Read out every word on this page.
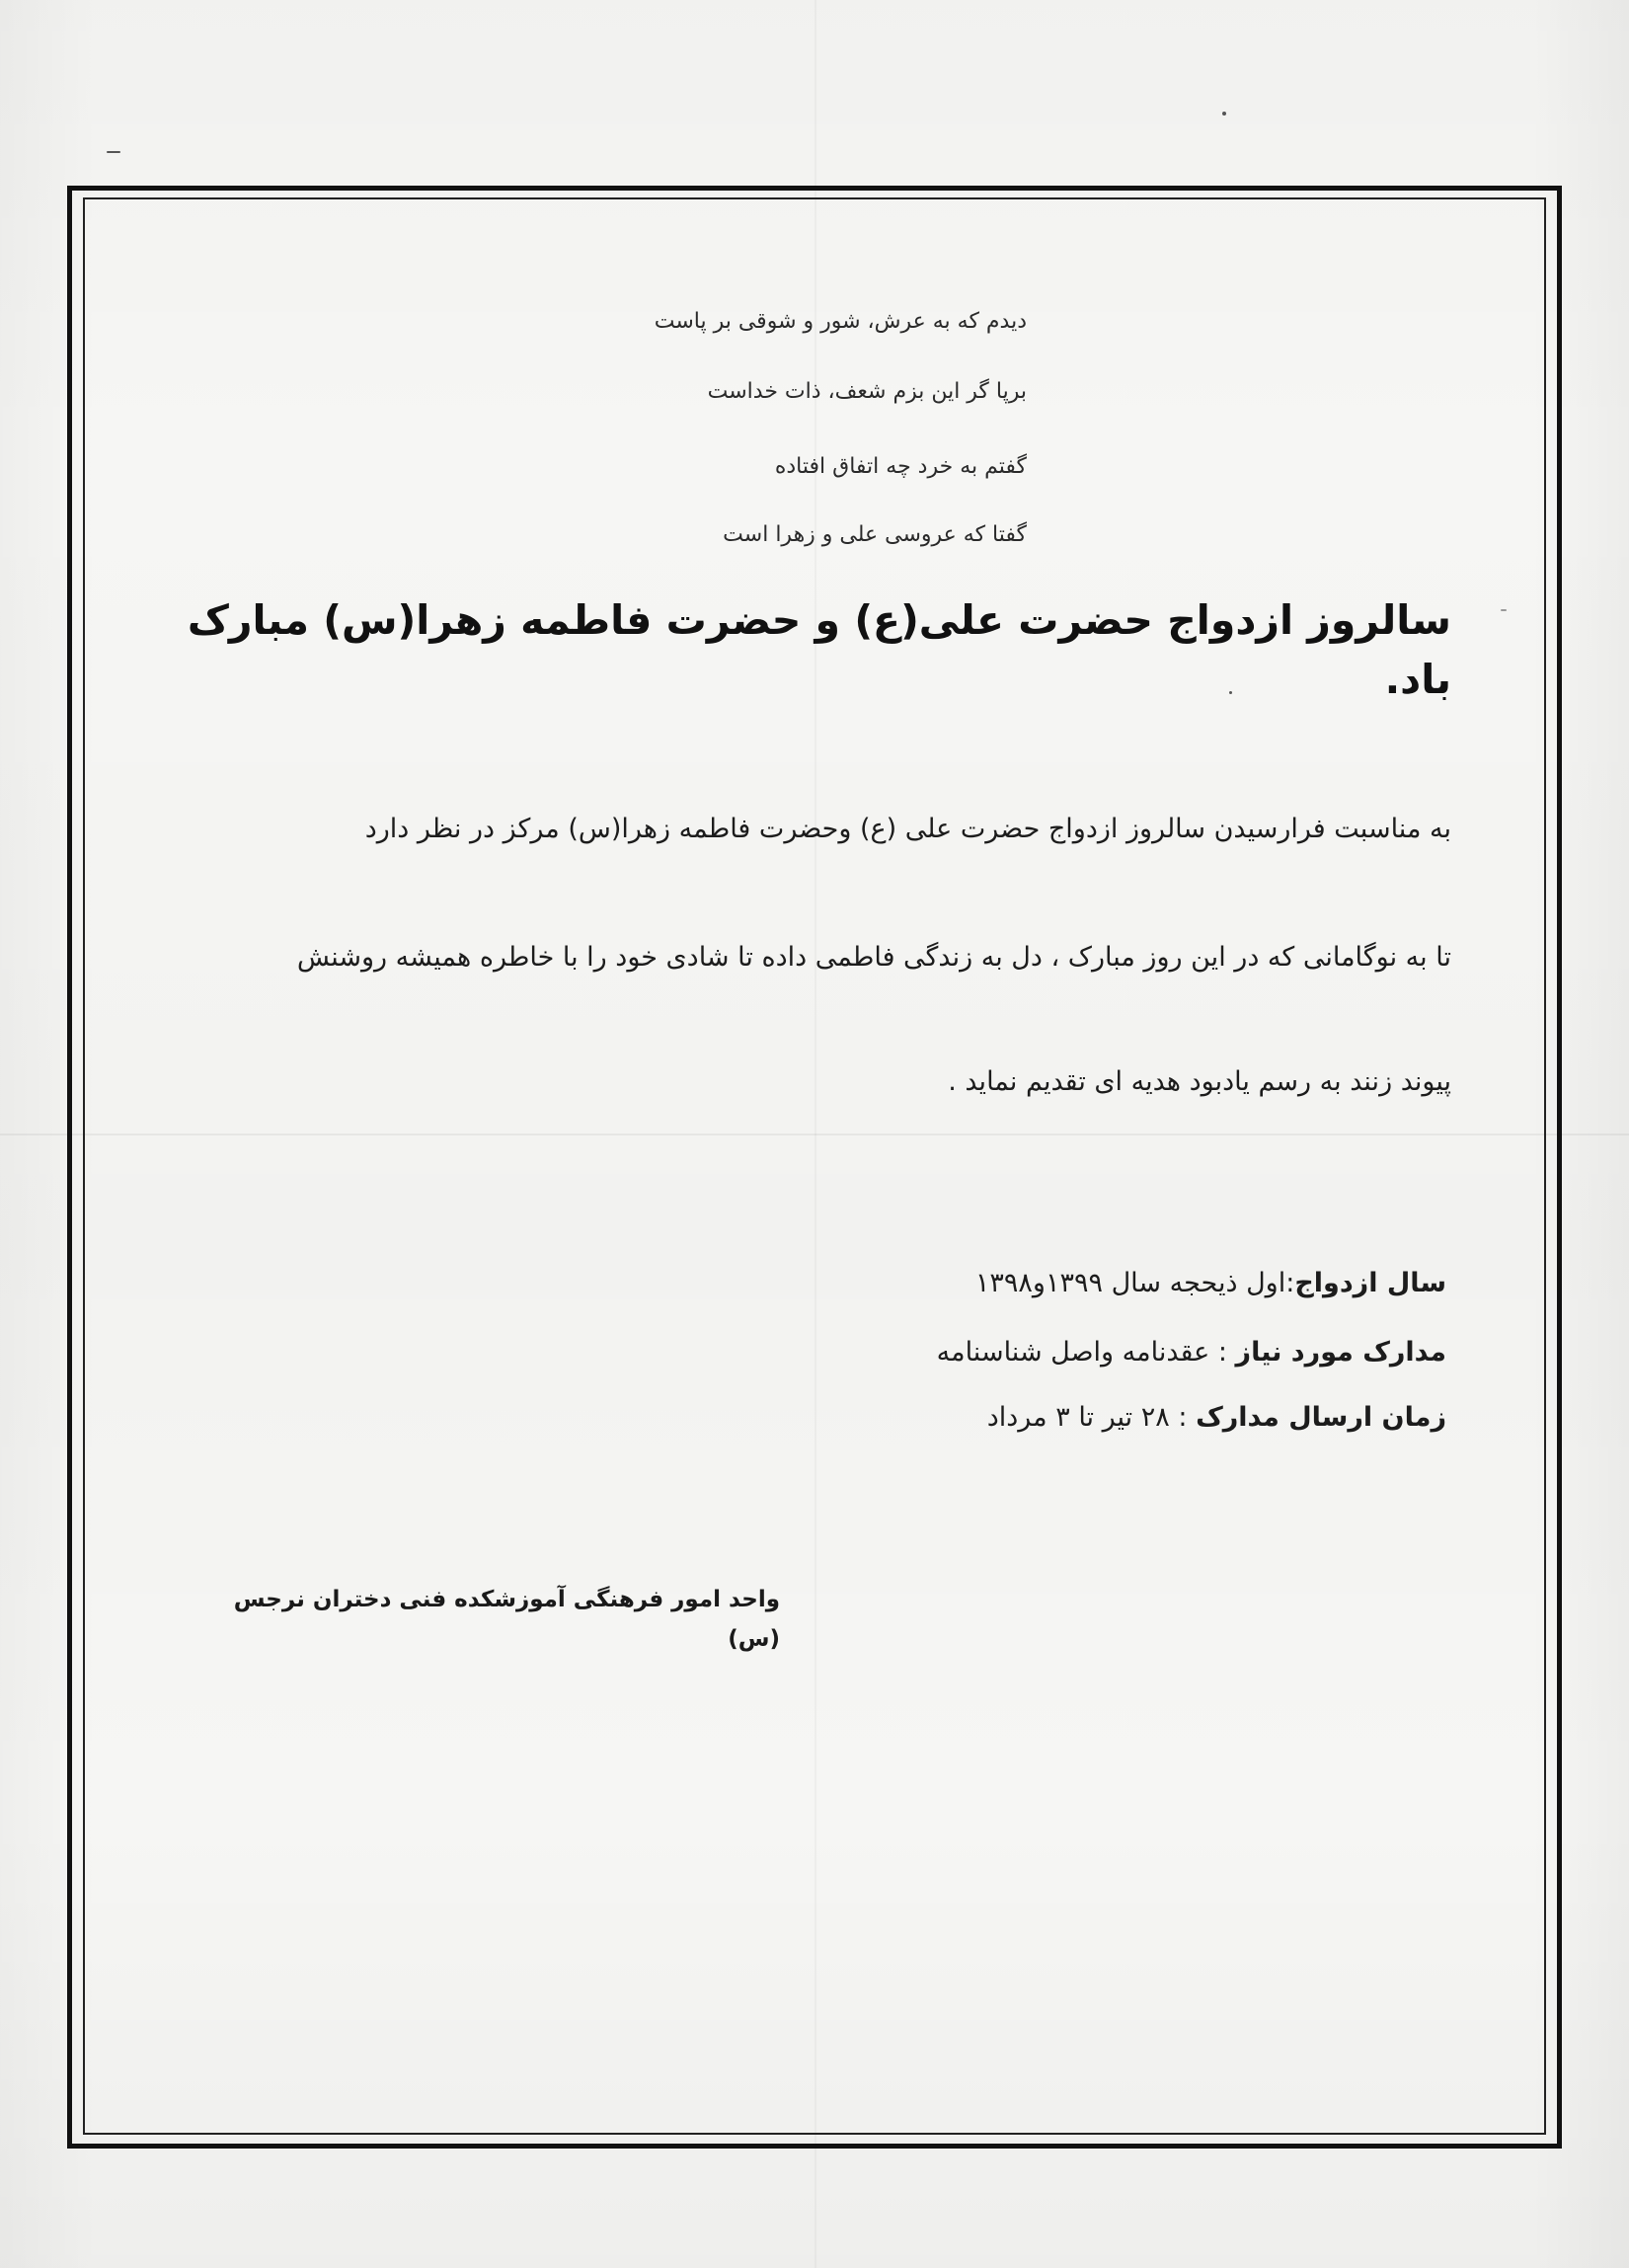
دیدم که به عرش، شور و شوقی بر پاست
برپا گر این بزم شعف، ذات خداست
گفتم به خرد چه اتفاق افتاده
گفتا که عروسی علی و زهرا است
سالروز ازدواج حضرت علی(ع) و حضرت فاطمه زهرا(س) مبارک باد.
به مناسبت فرارسیدن سالروز ازدواج حضرت علی (ع) وحضرت فاطمه زهرا(س) مرکز در نظر دارد
تا به نوگامانی که در این روز مبارک ، دل به زندگی فاطمی داده تا شادی خود را با خاطره همیشه روشنش
پیوند زنند به رسم یادبود هدیه ای تقدیم نماید .
سال ازدواج:اول ذیحجه سال ۱۳۹۹و۱۳۹۸
مدارک مورد نیاز : عقدنامه واصل شناسنامه
زمان ارسال مدارک : ۲۸ تیر تا ۳ مرداد
واحد امور فرهنگی آموزشکده فنی دختران نرجس (س)
